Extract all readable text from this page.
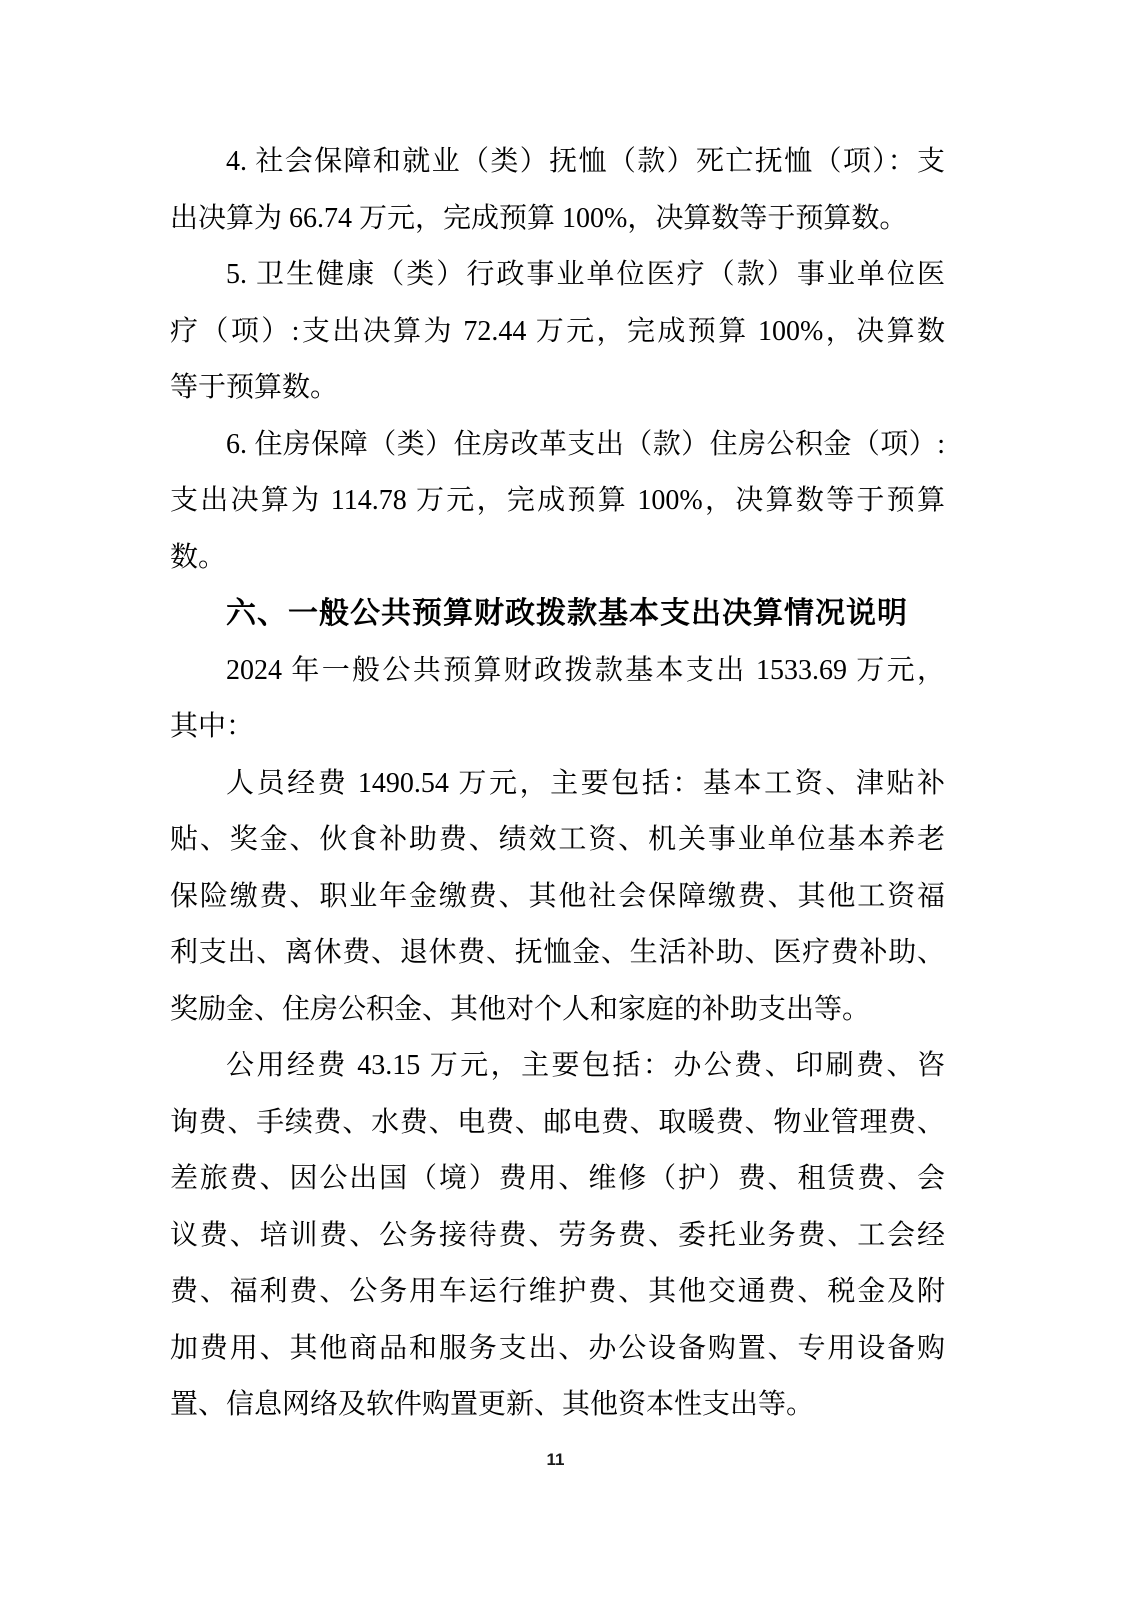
4. 社会保障和就业（类）抚恤（款）死亡抚恤（项）：支
出决算为 66.74 万元，完成预算 100%，决算数等于预算数。
5. 卫生健康（类）行政事业单位医疗（款）事业单位医
疗（项）:支出决算为 72.44 万元，完成预算 100%，决算数
等于预算数。
6. 住房保障（类）住房改革支出（款）住房公积金（项）:
支出决算为 114.78 万元，完成预算 100%，决算数等于预算
数。
六、一般公共预算财政拨款基本支出决算情况说明
2024 年一般公共预算财政拨款基本支出 1533.69 万元，
其中：
人员经费 1490.54 万元，主要包括：基本工资、津贴补
贴、奖金、伙食补助费、绩效工资、机关事业单位基本养老
保险缴费、职业年金缴费、其他社会保障缴费、其他工资福
利支出、离休费、退休费、抚恤金、生活补助、医疗费补助、
奖励金、住房公积金、其他对个人和家庭的补助支出等。
公用经费 43.15 万元，主要包括：办公费、印刷费、咨
询费、手续费、水费、电费、邮电费、取暖费、物业管理费、
差旅费、因公出国（境）费用、维修（护）费、租赁费、会
议费、培训费、公务接待费、劳务费、委托业务费、工会经
费、福利费、公务用车运行维护费、其他交通费、税金及附
加费用、其他商品和服务支出、办公设备购置、专用设备购
置、信息网络及软件购置更新、其他资本性支出等。
11
